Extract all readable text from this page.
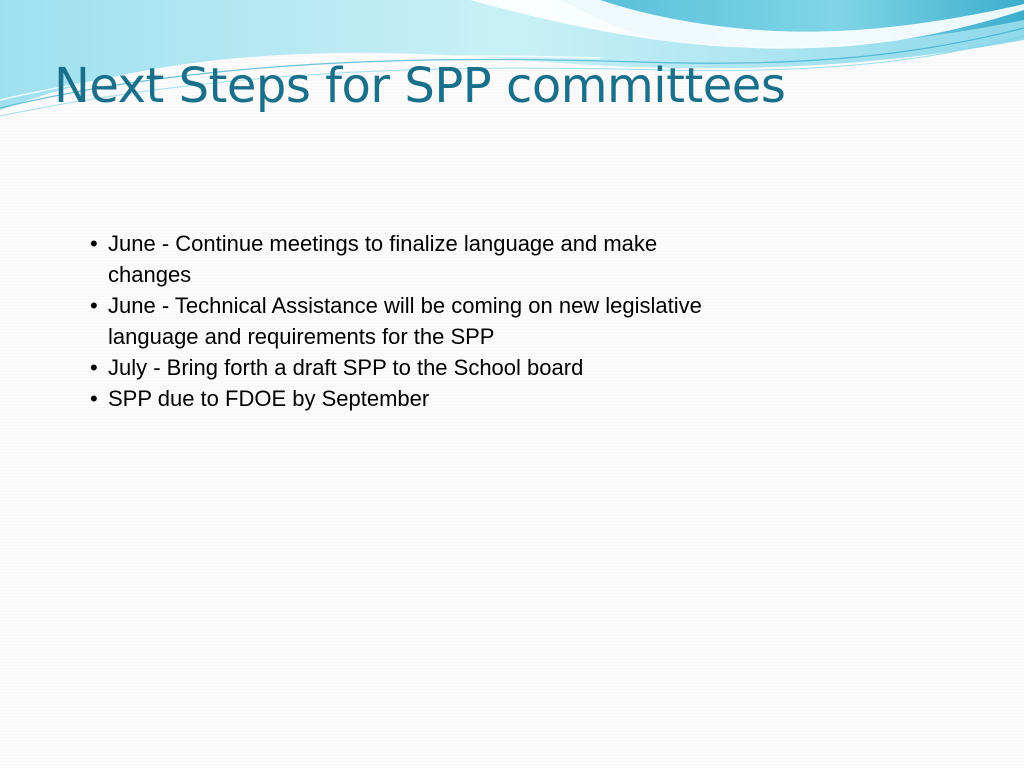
Next Steps for SPP committees
• June - Continue meetings to finalize language and make changes
• June - Technical Assistance will be coming on new legislative language and requirements for the SPP
• July - Bring forth a draft SPP to the School board
• SPP due to FDOE by September
